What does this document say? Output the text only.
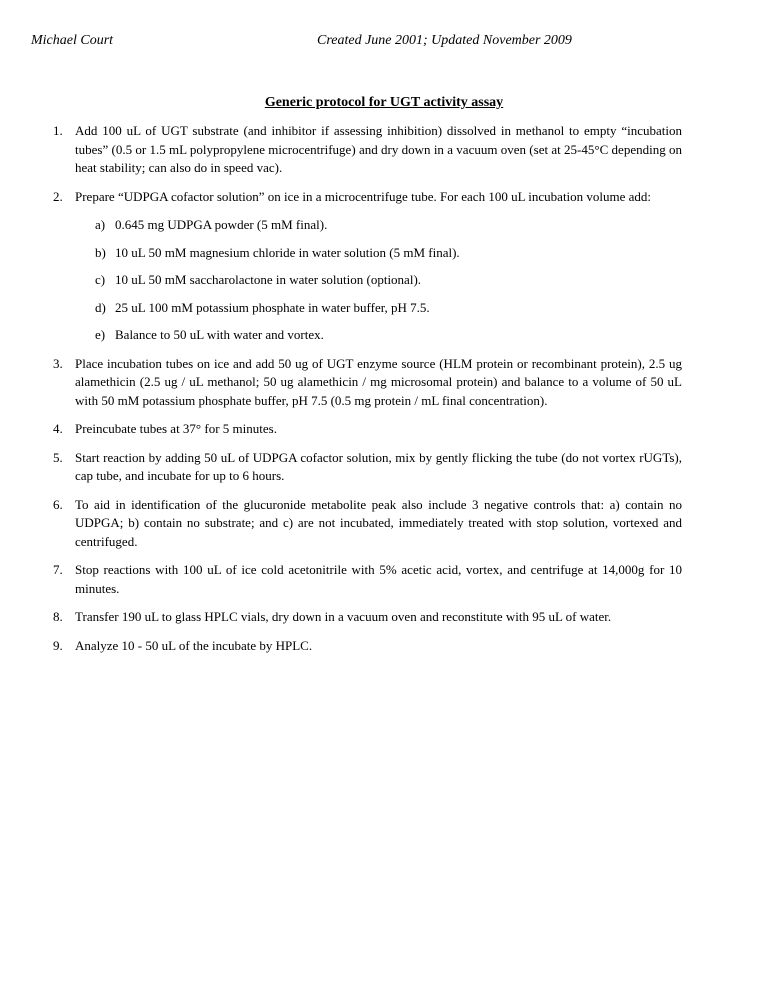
Michael Court	Created June 2001; Updated November 2009
Generic protocol for UGT activity assay
1. Add 100 uL of UGT substrate (and inhibitor if assessing inhibition) dissolved in methanol to empty “incubation tubes” (0.5 or 1.5 mL polypropylene microcentrifuge) and dry down in a vacuum oven (set at 25-45°C depending on heat stability; can also do in speed vac).
2. Prepare “UDPGA cofactor solution” on ice in a microcentrifuge tube. For each 100 uL incubation volume add:
a) 0.645 mg UDPGA powder (5 mM final).
b) 10 uL 50 mM magnesium chloride in water solution (5 mM final).
c) 10 uL 50 mM saccharolactone in water solution (optional).
d) 25 uL 100 mM potassium phosphate in water buffer, pH 7.5.
e) Balance to 50 uL with water and vortex.
3. Place incubation tubes on ice and add 50 ug of UGT enzyme source (HLM protein or recombinant protein), 2.5 ug alamethicin (2.5 ug / uL methanol; 50 ug alamethicin / mg microsomal protein) and balance to a volume of 50 uL with 50 mM potassium phosphate buffer, pH 7.5 (0.5 mg protein / mL final concentration).
4. Preincubate tubes at 37° for 5 minutes.
5. Start reaction by adding 50 uL of UDPGA cofactor solution, mix by gently flicking the tube (do not vortex rUGTs), cap tube, and incubate for up to 6 hours.
6. To aid in identification of the glucuronide metabolite peak also include 3 negative controls that: a) contain no UDPGA; b) contain no substrate; and c) are not incubated, immediately treated with stop solution, vortexed and centrifuged.
7. Stop reactions with 100 uL of ice cold acetonitrile with 5% acetic acid, vortex, and centrifuge at 14,000g for 10 minutes.
8. Transfer 190 uL to glass HPLC vials, dry down in a vacuum oven and reconstitute with 95 uL of water.
9. Analyze 10 - 50 uL of the incubate by HPLC.
